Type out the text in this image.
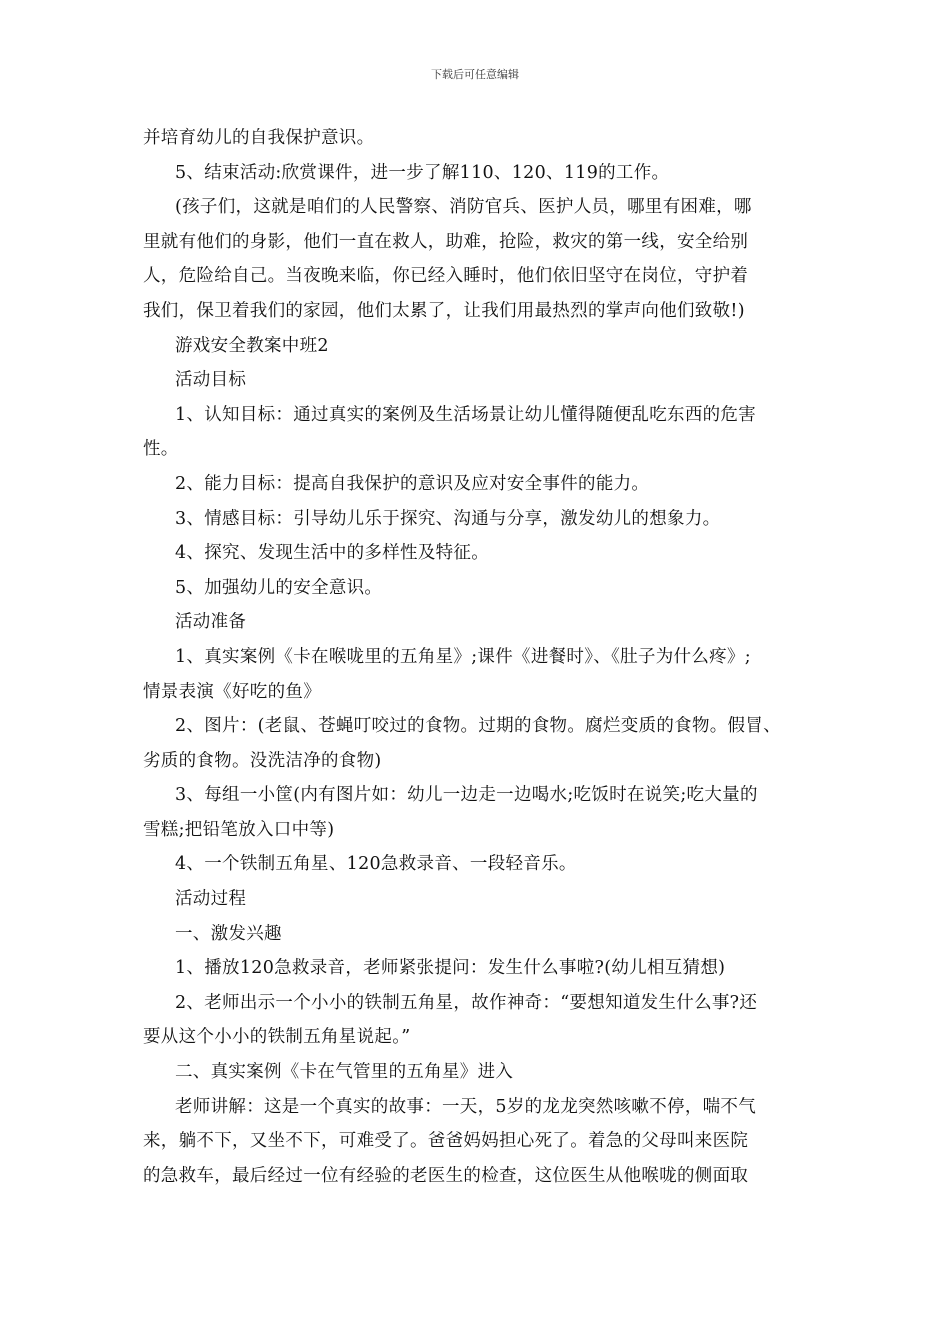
下载后可任意编辑

并培育幼儿的自我保护意识。

5、结束活动:欣赏课件，进一步了解110、120、119的工作。

(孩子们，这就是咱们的人民警察、消防官兵、医护人员，哪里有困难，哪

里就有他们的身影，他们一直在救人，助难，抢险，救灾的第一线，安全给别

人，危险给自己。当夜晚来临，你已经入睡时，他们依旧坚守在岗位，守护着

我们，保卫着我们的家园，他们太累了，让我们用最热烈的掌声向他们致敬!)

游戏安全教案中班2

活动目标

1、认知目标：通过真实的案例及生活场景让幼儿懂得随便乱吃东西的危害

性。

2、能力目标：提高自我保护的意识及应对安全事件的能力。

3、情感目标：引导幼儿乐于探究、沟通与分享，激发幼儿的想象力。

4、探究、发现生活中的多样性及特征。

5、加强幼儿的安全意识。

活动准备

1、真实案例《卡在喉咙里的五角星》;课件《进餐时》、《肚子为什么疼》;

情景表演《好吃的鱼》

2、图片：(老鼠、苍蝇叮咬过的食物。过期的食物。腐烂变质的食物。假冒、

劣质的食物。没洗洁净的食物)

3、每组一小筐(内有图片如：幼儿一边走一边喝水;吃饭时在说笑;吃大量的

雪糕;把铅笔放入口中等)

4、一个铁制五角星、120急救录音、一段轻音乐。

活动过程

一、激发兴趣

1、播放120急救录音，老师紧张提问：发生什么事啦?(幼儿相互猜想)

2、老师出示一个小小的铁制五角星，故作神奇：“要想知道发生什么事?还

要从这个小小的铁制五角星说起。”

二、真实案例《卡在气管里的五角星》进入

老师讲解：这是一个真实的故事：一天，5岁的龙龙突然咳嗽不停，喘不气

来，躺不下，又坐不下，可难受了。爸爸妈妈担心死了。着急的父母叫来医院

的急救车，最后经过一位有经验的老医生的检查，这位医生从他喉咙的侧面取
